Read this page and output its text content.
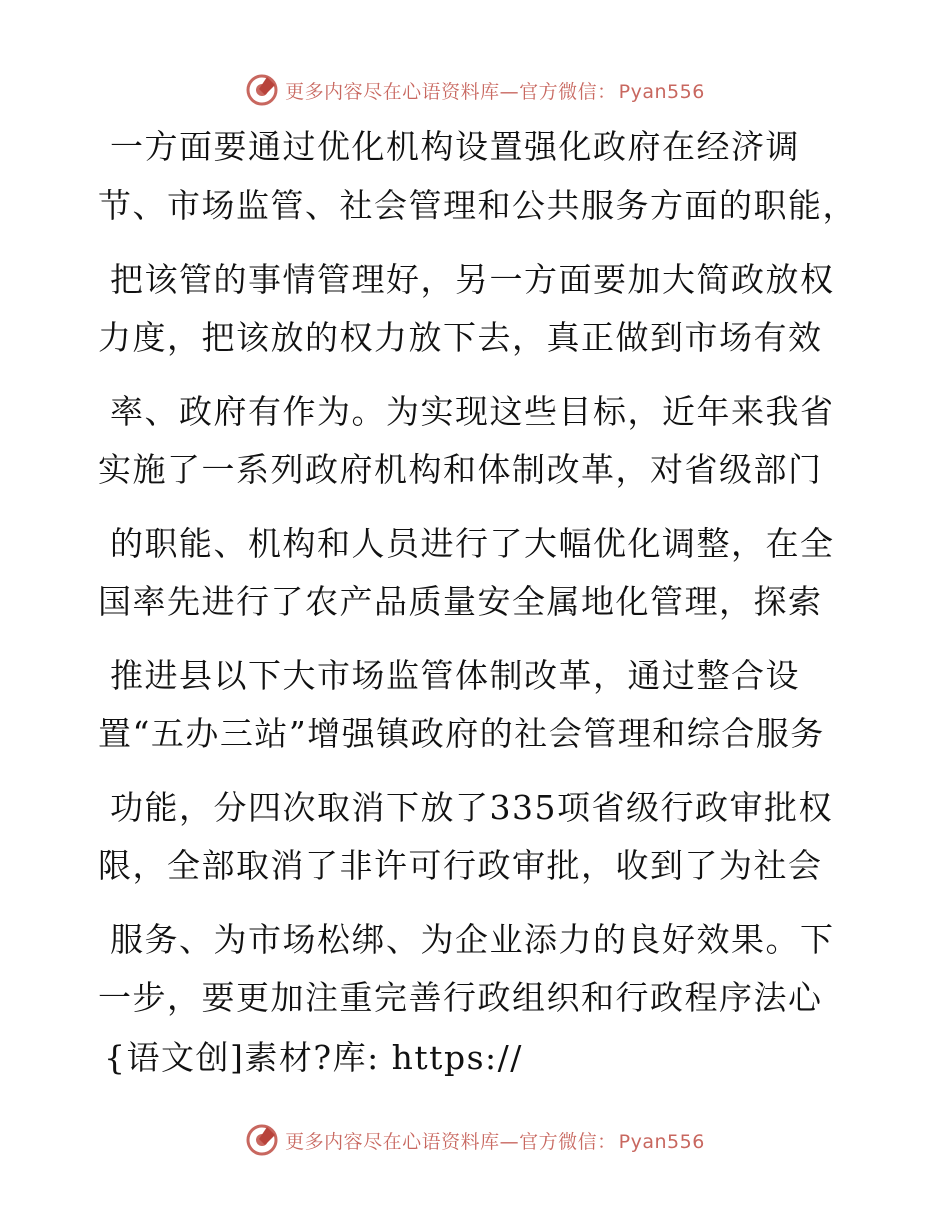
更多内容尽在心语资料库—官方微信： Pyan556
一方面要通过优化机构设置强化政府在经济调
节、市场监管、社会管理和公共服务方面的职能，
把该管的事情管理好，另一方面要加大简政放权
力度，把该放的权力放下去，真正做到市场有效
率、政府有作为。为实现这些目标，近年来我省
实施了一系列政府机构和体制改革，对省级部门
的职能、机构和人员进行了大幅优化调整，在全
国率先进行了农产品质量安全属地化管理，探索
推进县以下大市场监管体制改革，通过整合设
置“五办三站”增强镇政府的社会管理和综合服务
功能，分四次取消下放了335项省级行政审批权
限，全部取消了非许可行政审批，收到了为社会
服务、为市场松绑、为企业添力的良好效果。下
一步，要更加注重完善行政组织和行政程序法心
{语文创]素材?库: https://
更多内容尽在心语资料库—官方微信： Pyan556
